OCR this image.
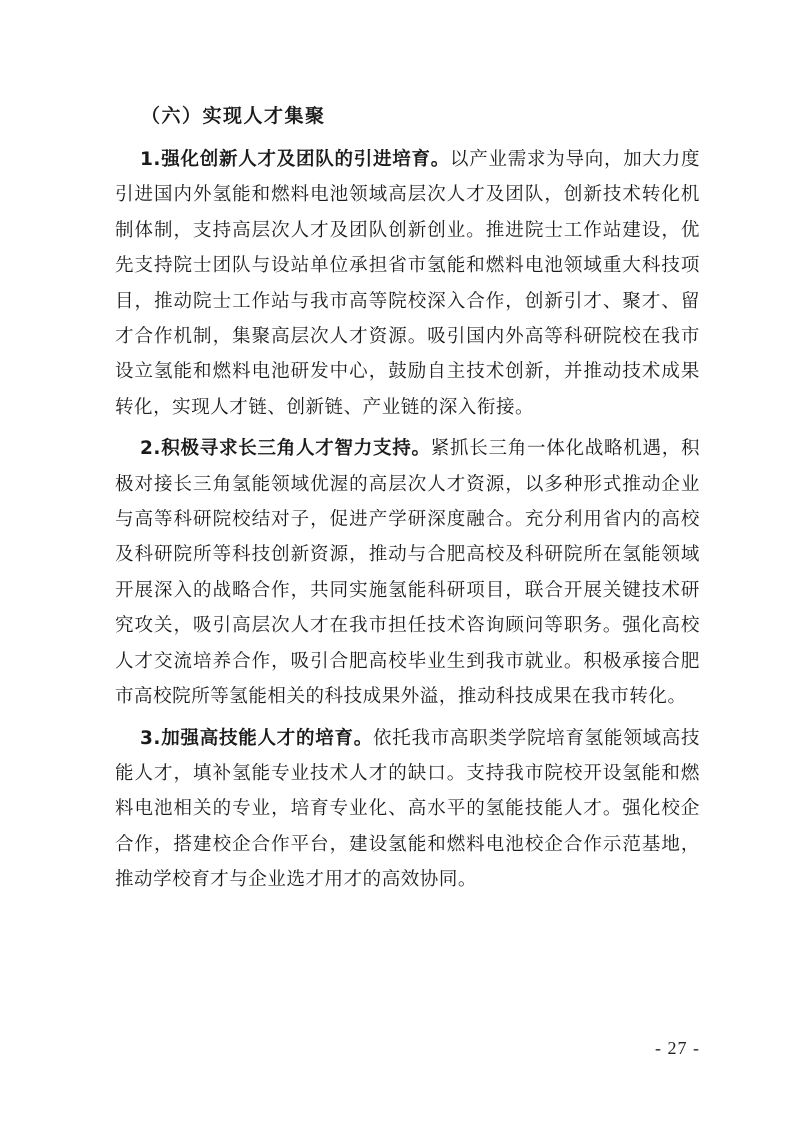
（六）实现人才集聚

1.强化创新人才及团队的引进培育。以产业需求为导向，加大力度引进国内外氢能和燃料电池领域高层次人才及团队，创新技术转化机制体制，支持高层次人才及团队创新创业。推进院士工作站建设，优先支持院士团队与设站单位承担省市氢能和燃料电池领域重大科技项目，推动院士工作站与我市高等院校深入合作，创新引才、聚才、留才合作机制，集聚高层次人才资源。吸引国内外高等科研院校在我市设立氢能和燃料电池研发中心，鼓励自主技术创新，并推动技术成果转化，实现人才链、创新链、产业链的深入衔接。

2.积极寻求长三角人才智力支持。紧抓长三角一体化战略机遇，积极对接长三角氢能领域优渥的高层次人才资源，以多种形式推动企业与高等科研院校结对子，促进产学研深度融合。充分利用省内的高校及科研院所等科技创新资源，推动与合肥高校及科研院所在氢能领域开展深入的战略合作，共同实施氢能科研项目，联合开展关键技术研究攻关，吸引高层次人才在我市担任技术咨询顾问等职务。强化高校人才交流培养合作，吸引合肥高校毕业生到我市就业。积极承接合肥市高校院所等氢能相关的科技成果外溢，推动科技成果在我市转化。

3.加强高技能人才的培育。依托我市高职类学院培育氢能领域高技能人才，填补氢能专业技术人才的缺口。支持我市院校开设氢能和燃料电池相关的专业，培育专业化、高水平的氢能技能人才。强化校企合作，搭建校企合作平台，建设氢能和燃料电池校企合作示范基地，推动学校育才与企业选才用才的高效协同。

- 27 -
